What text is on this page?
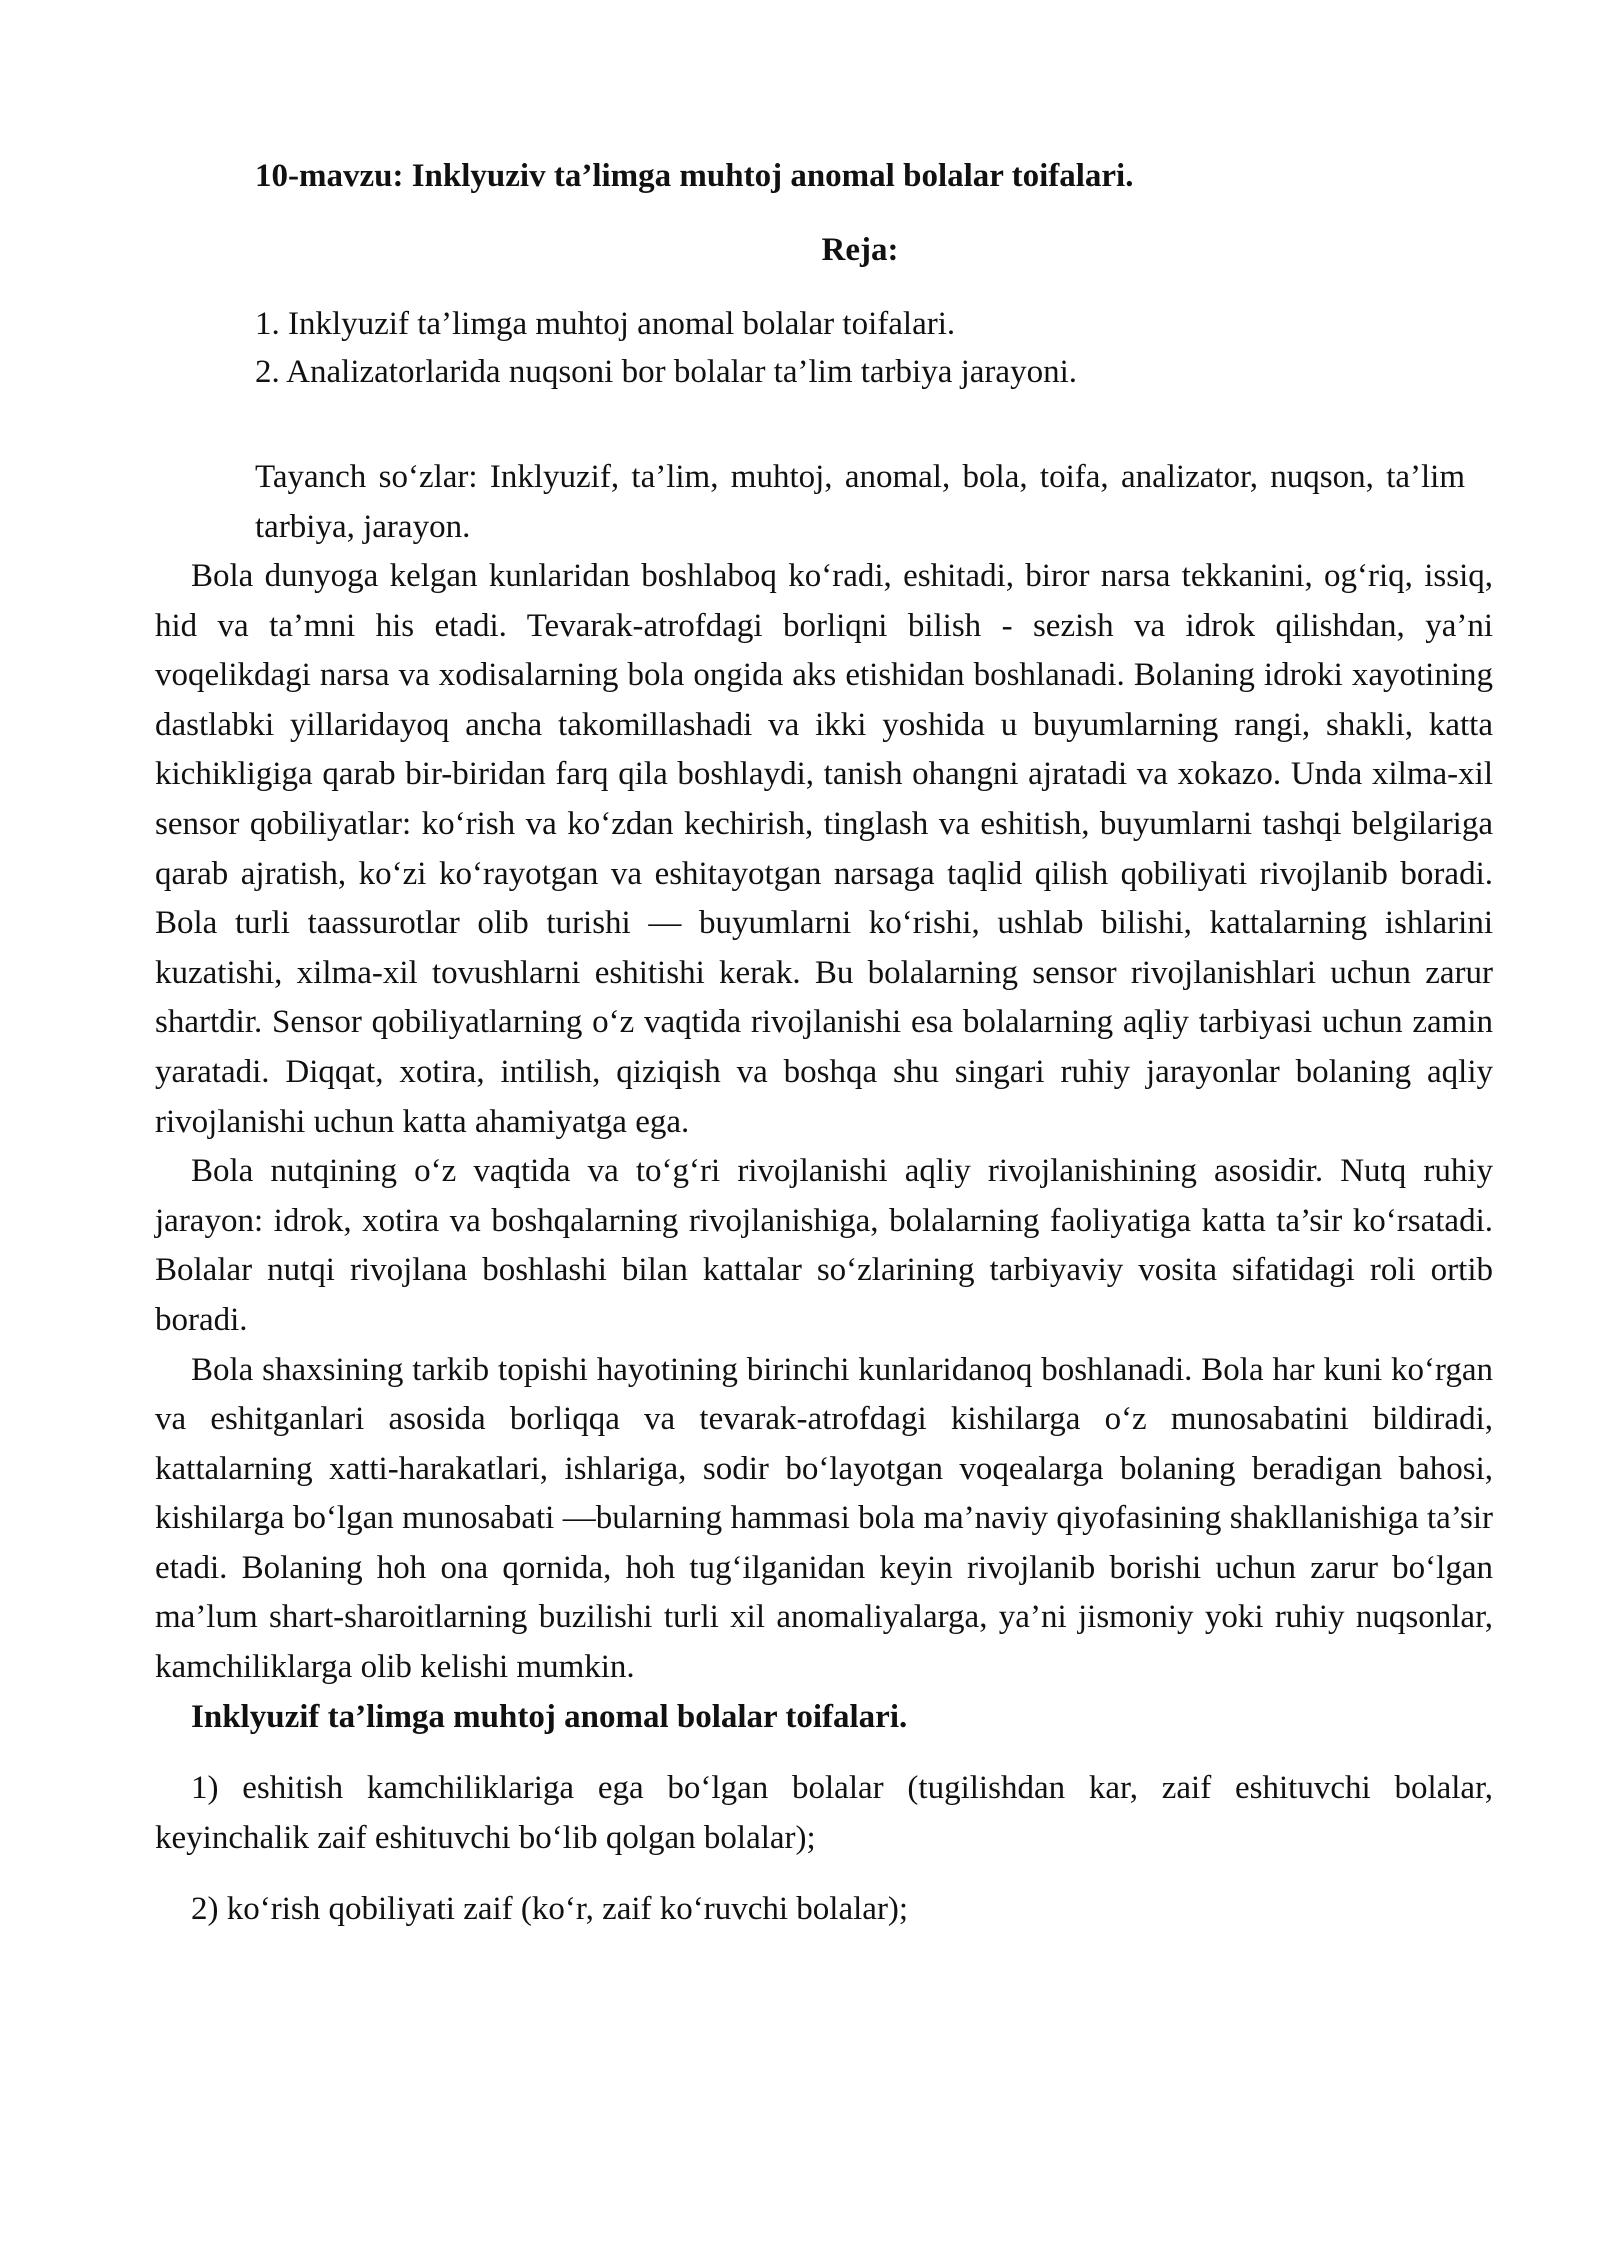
10-mavzu: Inklyuziv ta’limga muhtoj anomal bolalar toifalari.
Reja:
1. Inklyuzif ta’limga muhtoj anomal bolalar toifalari.
2. Analizatorlarida nuqsoni bor bolalar ta’lim tarbiya jarayoni.
Tayanch so‘zlar: Inklyuzif, ta’lim, muhtoj, anomal, bola, toifa, analizator, nuqson, ta’lim tarbiya, jarayon.

Bola dunyoga kelgan kunlaridan boshlaboq ko‘radi, eshitadi, biror narsa tekkanini, og‘riq, issiq, hid va ta’mni his etadi. Tevarak-atrofdagi borliqni bilish - sezish va idrok qilishdan, ya’ni voqelikdagi narsa va xodisalarning bola ongida aks etishidan boshlanadi. Bolaning idroki xayotining dastlabki yillaridayoq ancha takomillashadi va ikki yoshida u buyumlarning rangi, shakli, katta kichikligiga qarab bir-biridan farq qila boshlaydi, tanish ohangni ajratadi va xokazo. Unda xilma-xil sensor qobiliyatlar: ko‘rish va ko‘zdan kechirish, tinglash va eshitish, buyumlarni tashqi belgilariga qarab ajratish, ko‘zi ko‘rayotgan va eshitayotgan narsaga taqlid qilish qobiliyati rivojlanib boradi. Bola turli taassurotlar olib turishi — buyumlarni ko‘rishi, ushlab bilishi, kattalarning ishlarini kuzatishi, xilma-xil tovushlarni eshitishi kerak. Bu bolalarning sensor rivojlanishlari uchun zarur shartdir. Sensor qobiliyatlarning o‘z vaqtida rivojlanishi esa bolalarning aqliy tarbiyasi uchun zamin yaratadi. Diqqat, xotira, intilish, qiziqish va boshqa shu singari ruhiy jarayonlar bolaning aqliy rivojlanishi uchun katta ahamiyatga ega.

Bola nutqining o‘z vaqtida va to‘g‘ri rivojlanishi aqliy rivojlanishining asosidir. Nutq ruhiy jarayon: idrok, xotira va boshqalarning rivojlanishiga, bolalarning faoliyatiga katta ta’sir ko‘rsatadi. Bolalar nutqi rivojlana boshlashi bilan kattalar so‘zlarining tarbiyaviy vosita sifatidagi roli ortib boradi.

Bola shaxsining tarkib topishi hayotining birinchi kunlaridanoq boshlanadi. Bola har kuni ko‘rgan va eshitganlari asosida borliqqa va tevarak-atrofdagi kishilarga o‘z munosabatini bildiradi, kattalarning xatti-harakatlari, ishlariga, sodir bo‘layotgan voqealarga bolaning beradigan bahosi, kishilarga bo‘lgan munosabati —bularning hammasi bola ma’naviy qiyofasining shakllanishiga ta’sir etadi. Bolaning hoh ona qornida, hoh tug‘ilganidan keyin rivojlanib borishi uchun zarur bo‘lgan ma’lum shart-sharoitlarning buzilishi turli xil anomaliyalarga, ya’ni jismoniy yoki ruhiy nuqsonlar, kamchiliklarga olib kelishi mumkin.

Inklyuzif ta’limga muhtoj anomal bolalar toifalari.

1) eshitish kamchiliklariga ega bo‘lgan bolalar (tugilishdan kar, zaif eshituvchi bolalar, keyinchalik zaif eshituvchi bo‘lib qolgan bolalar);

2) ko‘rish qobiliyati zaif (ko‘r, zaif ko‘ruvchi bolalar);
